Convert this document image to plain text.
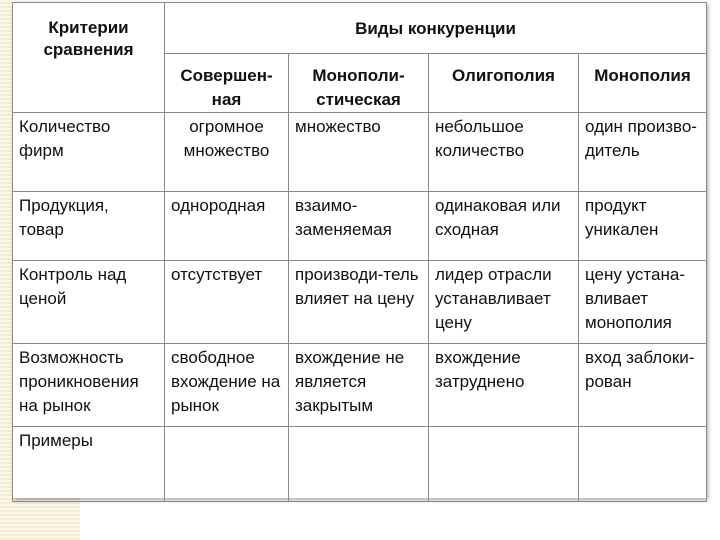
Критерии сравнения	Виды конкуренции			
	Совершен-ная	Монополи-стическая	Олигополия	Монополия
Количество фирм	огромное множество	множество	небольшое количество	один произво-дитель
Продукция, товар	однородная	взаимо-заменяемая	одинаковая или сходная	продукт уникален
Контроль над ценой	отсутствует	производи-тель влияет на цену	лидер отрасли устанавливает цену	цену устана-вливает монополия
Возможность проникновения на рынок	свободное вхождение на рынок	вхождение не является закрытым	вхождение затруднено	вход заблоки-рован
Примеры				
